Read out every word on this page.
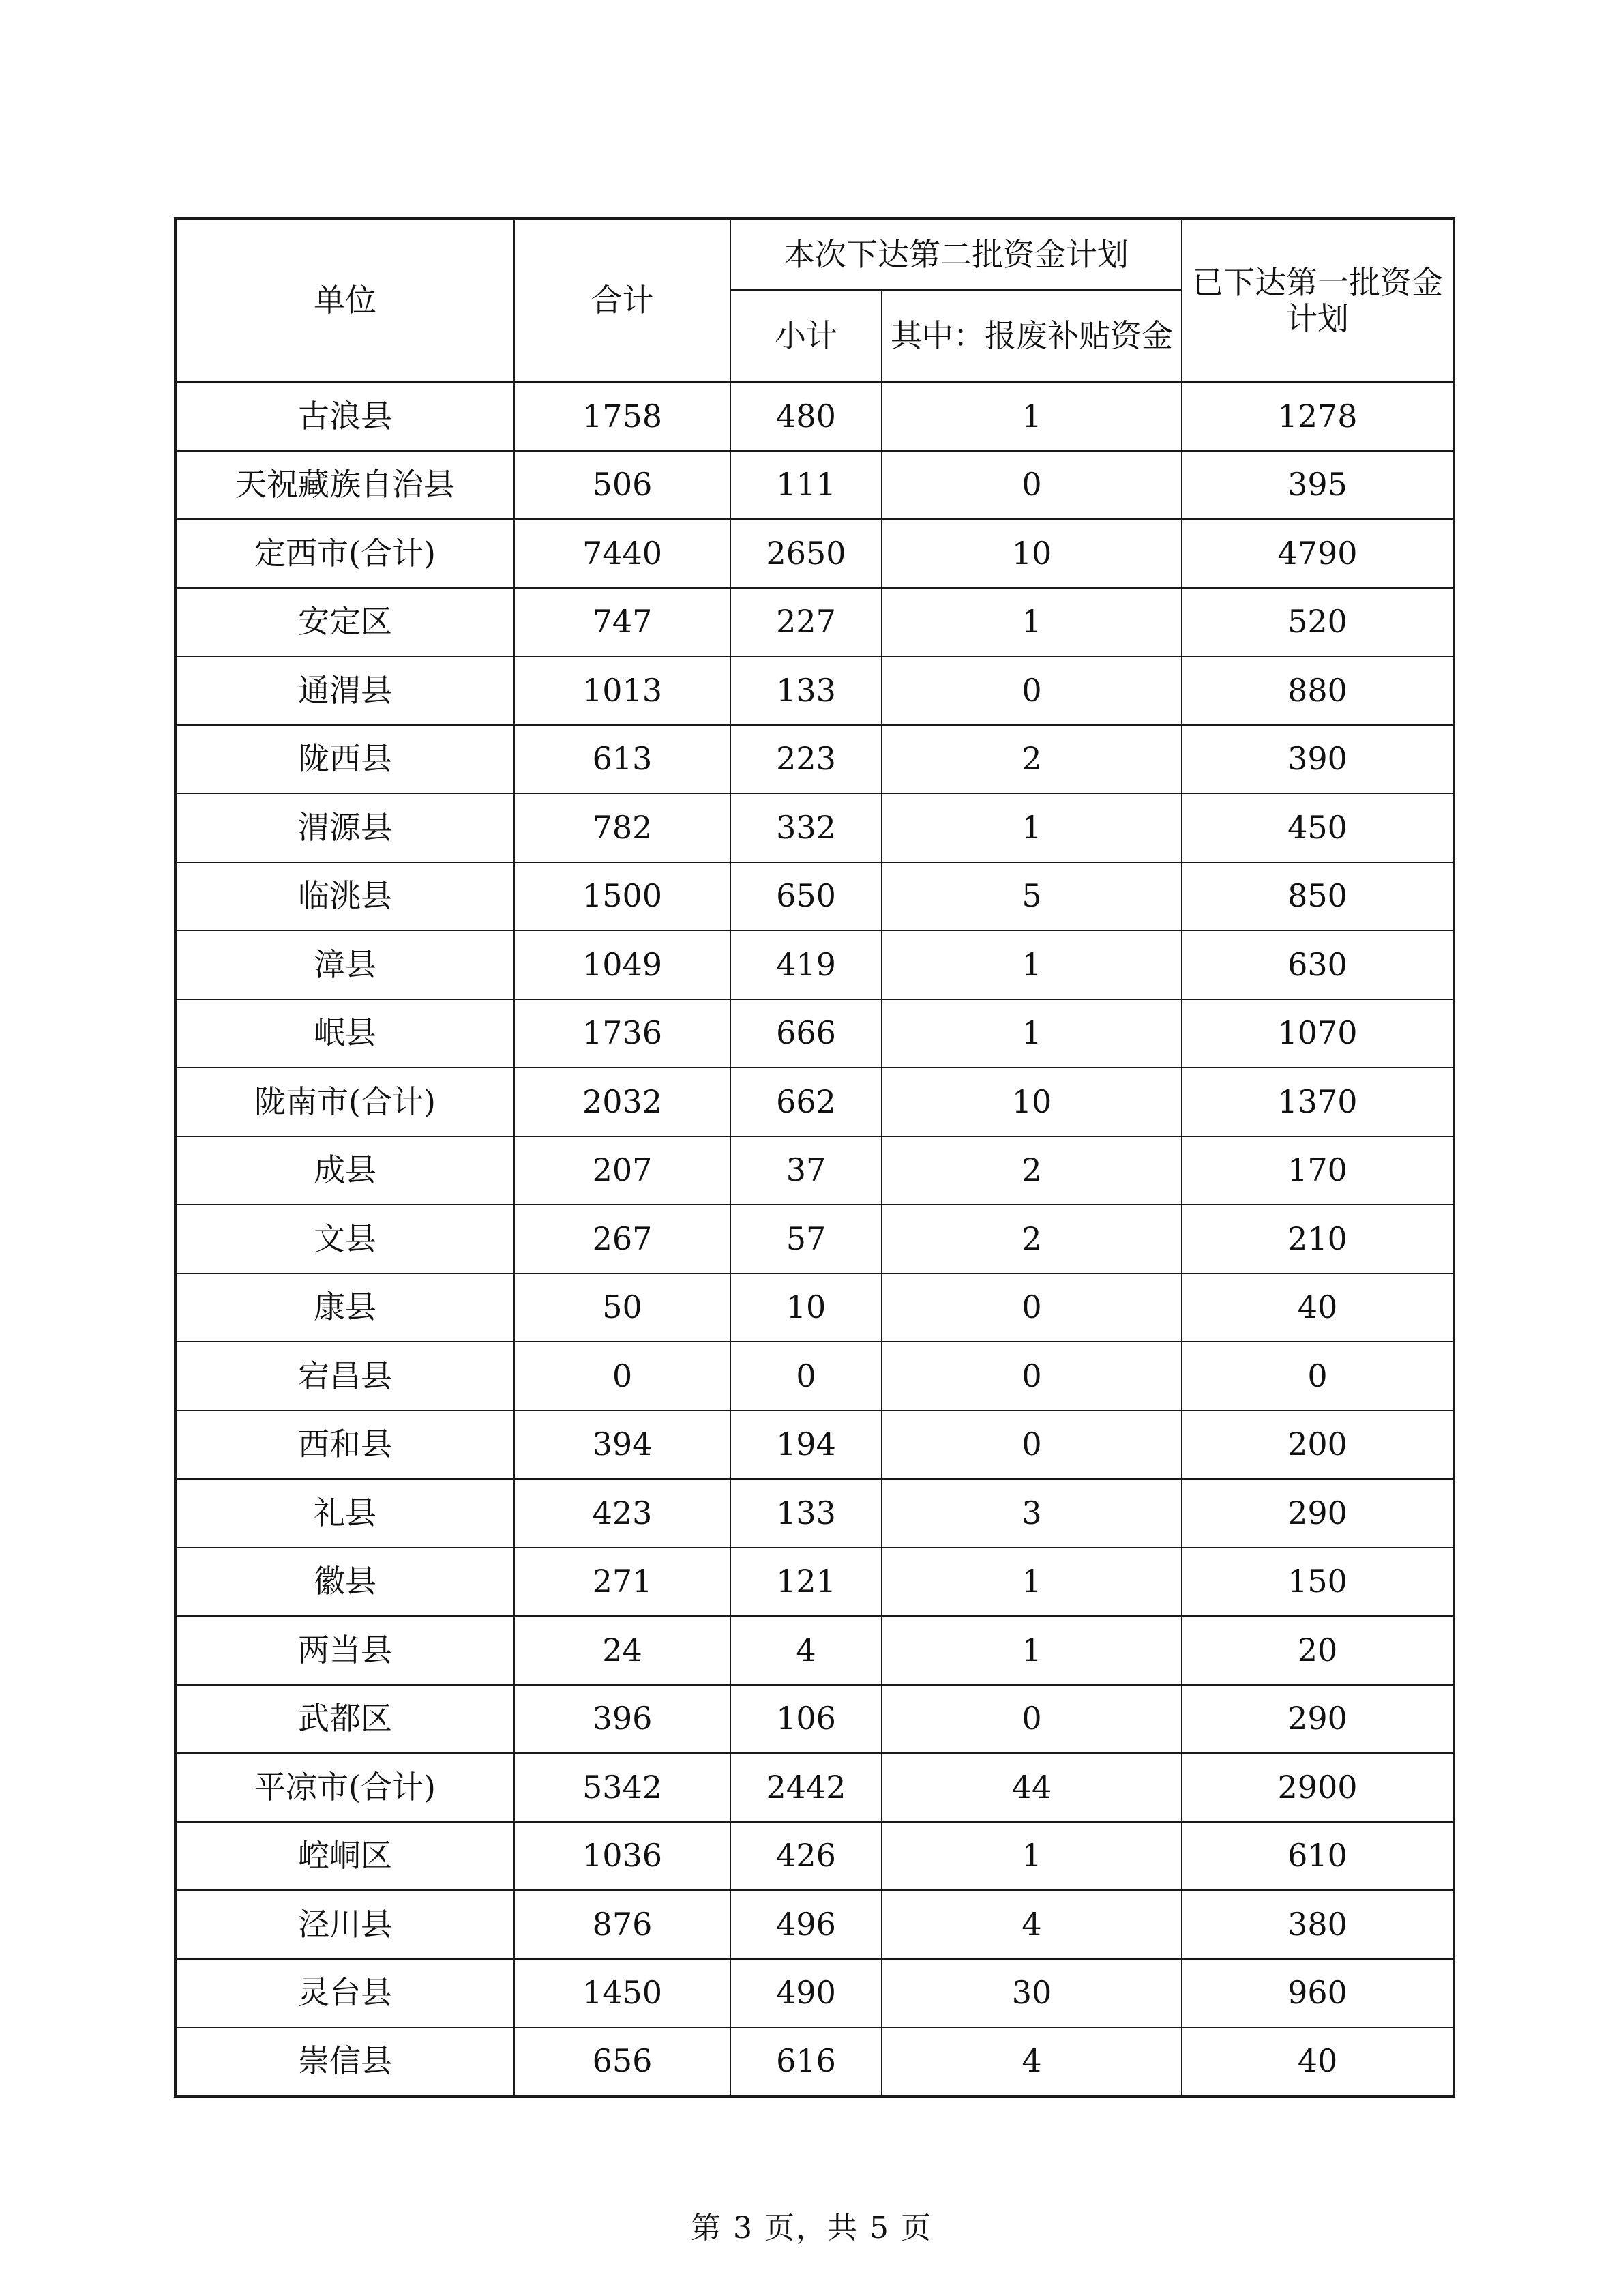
单位	合计	本次下达第二批资金计划		已下达第一批资金计划
		小计	其中：报废补贴资金	
古浪县	1758	480	1	1278
天祝藏族自治县	506	111	0	395
定西市(合计)	7440	2650	10	4790
安定区	747	227	1	520
通渭县	1013	133	0	880
陇西县	613	223	2	390
渭源县	782	332	1	450
临洮县	1500	650	5	850
漳县	1049	419	1	630
岷县	1736	666	1	1070
陇南市(合计)	2032	662	10	1370
成县	207	37	2	170
文县	267	57	2	210
康县	50	10	0	40
宕昌县	0	0	0	0
西和县	394	194	0	200
礼县	423	133	3	290
徽县	271	121	1	150
两当县	24	4	1	20
武都区	396	106	0	290
平凉市(合计)	5342	2442	44	2900
崆峒区	1036	426	1	610
泾川县	876	496	4	380
灵台县	1450	490	30	960
崇信县	656	616	4	40
第 3 页，共 5 页
